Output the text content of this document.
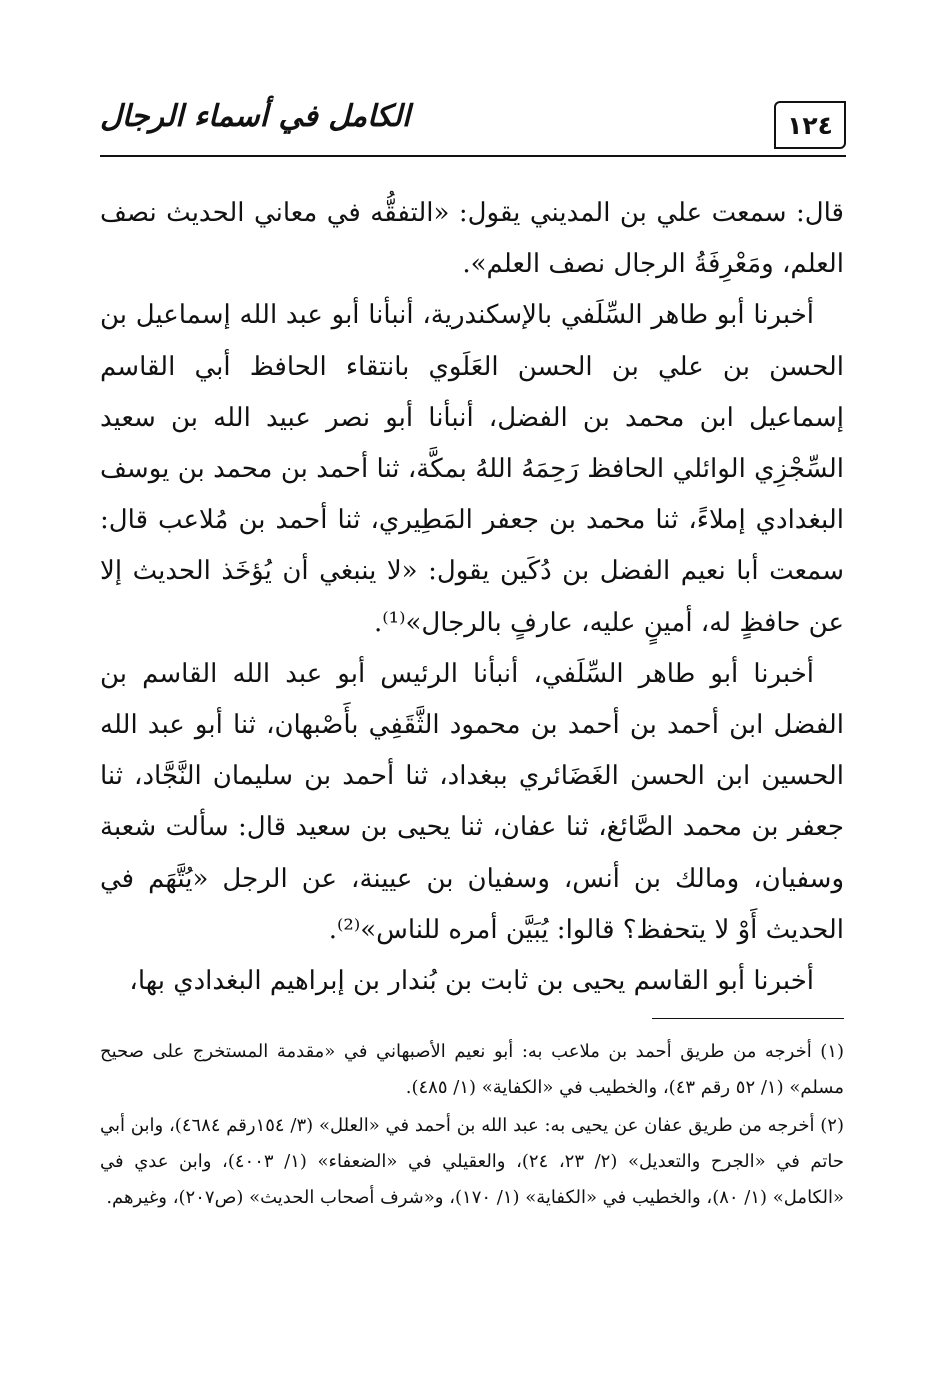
١٢٤
الكامل في أسماء الرجال

قال: سمعت علي بن المديني يقول: «التفقُّه في معاني الحديث نصف العلم، ومَعْرِفَةُ الرجال نصف العلم».

أخبرنا أبو طاهر السِّلَفي بالإسكندرية، أنبأنا أبو عبد الله إسماعيل بن الحسن بن علي بن الحسن العَلَوي بانتقاء الحافظ أبي القاسم إسماعيل ابن محمد بن الفضل، أنبأنا أبو نصر عبيد الله بن سعيد السِّجْزِي الوائلي الحافظ رَحِمَهُ اللهُ بمكَّة، ثنا أحمد بن محمد بن يوسف البغدادي إملاءً، ثنا محمد بن جعفر المَطِيري، ثنا أحمد بن مُلاعب قال: سمعت أبا نعيم الفضل بن دُكَين يقول: «لا ينبغي أن يُؤخَذ الحديث إلا عن حافظٍ له، أمينٍ عليه، عارفٍ بالرجال»⁽¹⁾.

أخبرنا أبو طاهر السِّلَفي، أنبأنا الرئيس أبو عبد الله القاسم بن الفضل ابن أحمد بن أحمد بن محمود الثَّقَفِي بأَصْبهان، ثنا أبو عبد الله الحسين ابن الحسن الغَضَائري ببغداد، ثنا أحمد بن سليمان النَّجَّاد، ثنا جعفر بن محمد الصَّائغ، ثنا عفان، ثنا يحيى بن سعيد قال: سألت شعبة وسفيان، ومالك بن أنس، وسفيان بن عيينة، عن الرجل «يُتَّهَم في الحديث أَوْ لا يتحفظ؟ قالوا: يُبَيَّن أمره للناس»⁽²⁾.

أخبرنا أبو القاسم يحيى بن ثابت بن بُندار بن إبراهيم البغدادي بها،

(١) أخرجه من طريق أحمد بن ملاعب به: أبو نعيم الأصبهاني في «مقدمة المستخرج على صحيح مسلم» (١/ ٥٢ رقم ٤٣)، والخطيب في «الكفاية» (١/ ٤٨٥).

(٢) أخرجه من طريق عفان عن يحيى به: عبد الله بن أحمد في «العلل» (٣/ ١٥٤رقم ٤٦٨٤)، وابن أبي حاتم في «الجرح والتعديل» (٢/ ٢٣، ٢٤)، والعقيلي في «الضعفاء» (١/ ٤٠٠٣)، وابن عدي في «الكامل» (١/ ٨٠)، والخطيب في «الكفاية» (١/ ١٧٠)، و«شرف أصحاب الحديث» (ص٢٠٧)، وغيرهم.
